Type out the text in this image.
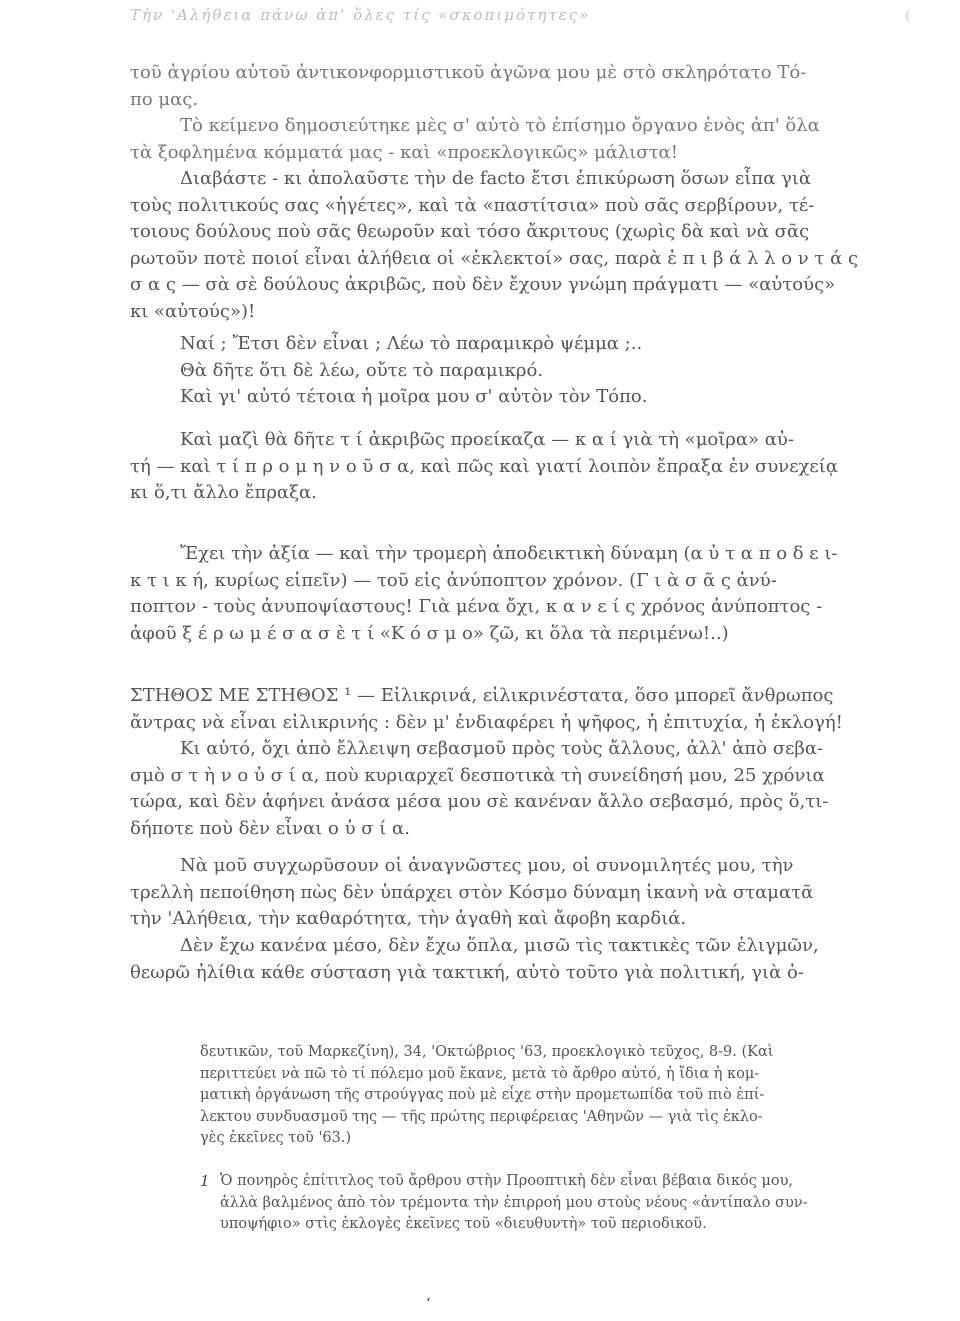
Τὴν 'Αλήθεια πάνω ἀπ' ὅλες τίς «σκοπιμότητες»	(

τοῦ ἀγρίου αὐτοῦ ἀντικονφορμιστικοῦ ἀγῶνα μου μὲ στὸ σκληρότατο Τό-
πο μας.

Τὸ κείμενο δημοσιεύτηκε μὲς σ' αὐτὸ τὸ ἐπίσημο ὄργανο ἑνὸς ἀπ' ὅλα
τὰ ξοφλημένα κόμματά μας - καὶ «προεκλογικῶς» μάλιστα!

Διαβάστε - κι ἀπολαῦστε τὴν de facto ἔτσι ἐπικύρωση ὅσων εἶπα γιὰ
τοὺς πολιτικούς σας «ἡγέτες», καὶ τὰ «παστίτσια» ποὺ σᾶς σερβίρουν, τέ-
τοιους δούλους ποὺ σᾶς θεωροῦν καὶ τόσο ἄκριτους (χωρὶς δὰ καὶ νὰ σᾶς
ρωτοῦν ποτὲ ποιοί εἶναι ἀλήθεια οἱ «ἐκλεκτοί» σας, παρὰ ἐ π ι β ά λ λ ο ν τ ά ς
σ α ς — σὰ σὲ δούλους ἀκριβῶς, ποὺ δὲν ἔχουν γνώμη πράγματι — «αὐτούς»
κι «αὐτούς»)!

Ναί ; Ἔτσι δὲν εἶναι ; Λέω τὸ παραμικρὸ ψέμμα ;..
Θὰ δῆτε ὅτι δὲ λέω, οὔτε τὸ παραμικρό.
Καὶ γι' αὐτό τέτοια ἡ μοῖρα μου σ' αὐτὸν τὸν Τόπο.

Καὶ μαζὶ θὰ δῆτε τ ί ἀκριβῶς προείκαζα — κ α ί γιὰ τὴ «μοῖρα» αὐ-
τή — καὶ τ ί π ρ ο μ η ν ο ῦ σ α, καὶ πῶς καὶ γιατί λοιπὸν ἔπραξα ἐν συνεχείᾳ
κι ὅ,τι ἄλλο ἔπραξα.

Ἔχει τὴν ἀξία — καὶ τὴν τρομερὴ ἀποδεικτικὴ δύναμη (α ὐ τ α π ο δ ε ι-
κ τ ι κ ή, κυρίως εἰπεῖν) — τοῦ εἰς ἀνύποπτον χρόνον. (Γ ι ὰ σ ᾶ ς ἀνύ-
ποπτον - τοὺς ἀνυποψίαστους! Γιὰ μένα ὄχι, κ α ν ε ί ς χρόνος ἀνύποπτος -
ἀφοῦ ξ έ ρ ω μ έ σ α σ ὲ τ ί «Κ ό σ μ ο» ζῶ, κι ὅλα τὰ περιμένω!..)

ΣΤΗΘΟΣ ΜΕ ΣΤΗΘΟΣ ¹ — Εἰλικρινά, εἰλικρινέστατα, ὅσο μπορεῖ ἄνθρωπος
ἄντρας νὰ εἶναι εἰλικρινής : δὲν μ' ἐνδιαφέρει ἡ ψῆφος, ἡ ἐπιτυχία, ἡ ἐκλογή!
Κι αὐτό, ὄχι ἀπὸ ἔλλειψη σεβασμοῦ πρὸς τοὺς ἄλλους, ἀλλ' ἀπὸ σεβα-
σμὸ σ τ ὴ ν ο ὐ σ ί α, ποὺ κυριαρχεῖ δεσποτικὰ τὴ συνείδησή μου, 25 χρόνια
τώρα, καὶ δὲν ἀφήνει ἀνάσα μέσα μου σὲ κανέναν ἄλλο σεβασμό, πρὸς ὅ,τι-
δήποτε ποὺ δὲν εἶναι ο ὐ σ ί α.

Νὰ μοῦ συγχωρῦσουν οἱ ἀναγνῶστες μου, οἱ συνομιλητές μου, τὴν
τρελλὴ πεποίθηση πὼς δὲν ὑπάρχει στὸν Κόσμο δύναμη ἱκανὴ νὰ σταματᾶ
τὴν 'Αλήθεια, τὴν καθαρότητα, τὴν ἀγαθὴ καὶ ἄφοβη καρδιά.

Δὲν ἔχω κανένα μέσο, δὲν ἔχω ὅπλα, μισῶ τὶς τακτικὲς τῶν ἑλιγμῶν,
θεωρῶ ἠλίθια κάθε σύσταση γιὰ τακτική, αὐτὸ τοῦτο γιὰ πολιτική, γιὰ ὁ-

δευτικῶν, τοῦ Μαρκεζίνη), 34, 'Οκτώβριος '63, προεκλογικὸ τεῦχος, 8-9. (Καὶ
περιττεύει νὰ πῶ τὸ τί πόλεμο μοῦ ἔκανε, μετὰ τὸ ἄρθρο αὐτό, ἡ ἴδια ἡ κομ-
ματικὴ ὀργάνωση τῆς στρούγγας ποὺ μὲ εἶχε στὴν προμετωπίδα τοῦ πιὸ ἐπί-
λεκτου συνδυασμοῦ της — τῆς πρώτης περιφέρειας 'Αθηνῶν — γιὰ τὶς ἐκλο-
γὲς ἐκεῖνες τοῦ '63.)

1 Ὁ πονηρὸς ἐπίτιτλος τοῦ ἄρθρου στὴν Προοπτικὴ δὲν εἶναι βέβαια δικός μου,
ἀλλὰ βαλμένος ἀπὸ τὸν τρέμοντα τὴν ἐπιρροή μου στοὺς νέους «ἀντίπαλο συν-
υποψήφιο» στὶς ἐκλογὲς ἐκεῖνες τοῦ «διευθυντὴ» τοῦ περιοδικοῦ.

‘
